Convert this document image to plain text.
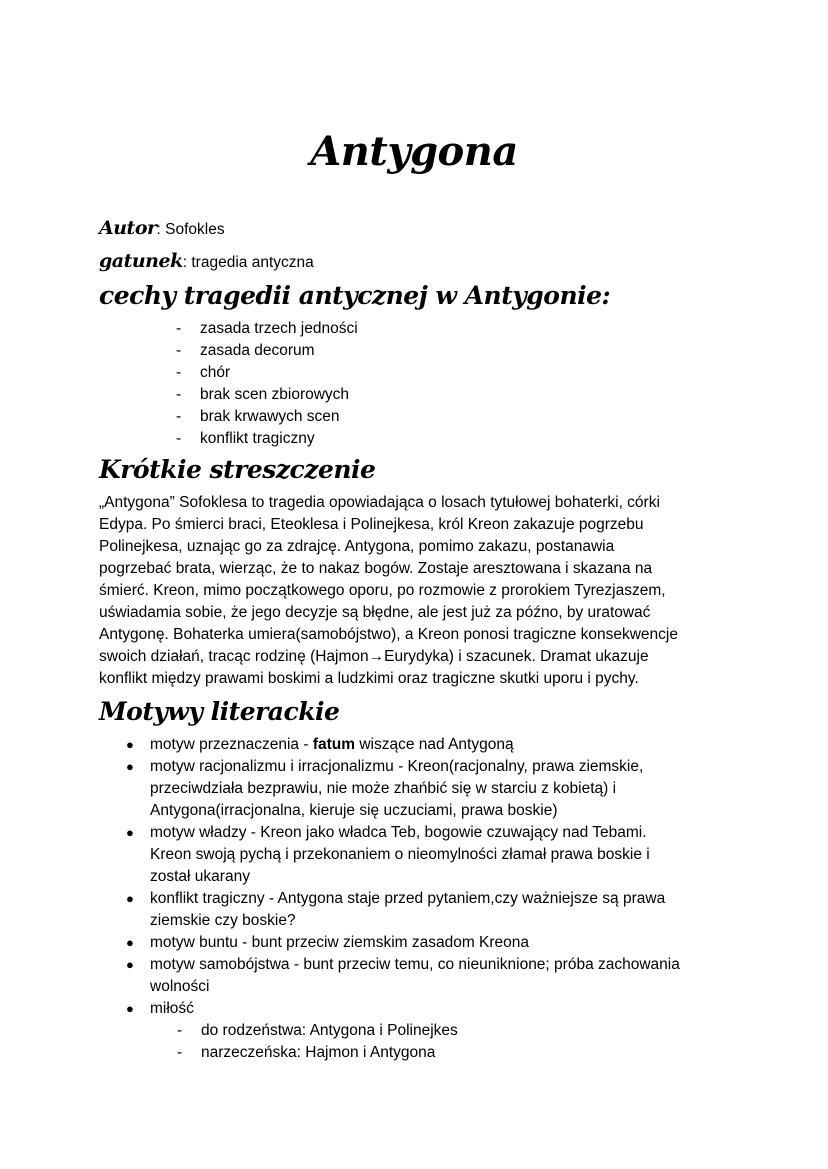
Antygona
Autor: Sofokles
gatunek: tragedia antyczna
cechy tragedii antycznej w Antygonie:
- zasada trzech jedności
- zasada decorum
- chór
- brak scen zbiorowych
- brak krwawych scen
- konflikt tragiczny
Krótkie streszczenie
„Antygona” Sofoklesa to tragedia opowiadająca o losach tytułowej bohaterki, córki
Edypa. Po śmierci braci, Eteoklesa i Polinejkesa, król Kreon zakazuje pogrzebu
Polinejkesa, uznając go za zdrajcę. Antygona, pomimo zakazu, postanawia
pogrzebać brata, wierząc, że to nakaz bogów. Zostaje aresztowana i skazana na
śmierć. Kreon, mimo początkowego oporu, po rozmowie z prorokiem Tyrezjaszem,
uświadamia sobie, że jego decyzje są błędne, ale jest już za późno, by uratować
Antygonę. Bohaterka umiera(samobójstwo), a Kreon ponosi tragiczne konsekwencje
swoich działań, tracąc rodzinę (Hajmon→Eurydyka) i szacunek. Dramat ukazuje
konflikt między prawami boskimi a ludzkimi oraz tragiczne skutki uporu i pychy.
Motywy literackie
● motyw przeznaczenia - fatum wiszące nad Antygoną
● motyw racjonalizmu i irracjonalizmu - Kreon(racjonalny, prawa ziemskie,
przeciwdziała bezprawiu, nie może zhańbić się w starciu z kobietą) i
Antygona(irracjonalna, kieruje się uczuciami, prawa boskie)
● motyw władzy - Kreon jako władca Teb, bogowie czuwający nad Tebami.
Kreon swoją pychą i przekonaniem o nieomylności złamał prawa boskie i
został ukarany
● konflikt tragiczny - Antygona staje przed pytaniem,czy ważniejsze są prawa
ziemskie czy boskie?
● motyw buntu - bunt przeciw ziemskim zasadom Kreona
● motyw samobójstwa - bunt przeciw temu, co nieuniknione; próba zachowania
wolności
● miłość
- do rodzeństwa: Antygona i Polinejkes
- narzeczeńska: Hajmon i Antygona
